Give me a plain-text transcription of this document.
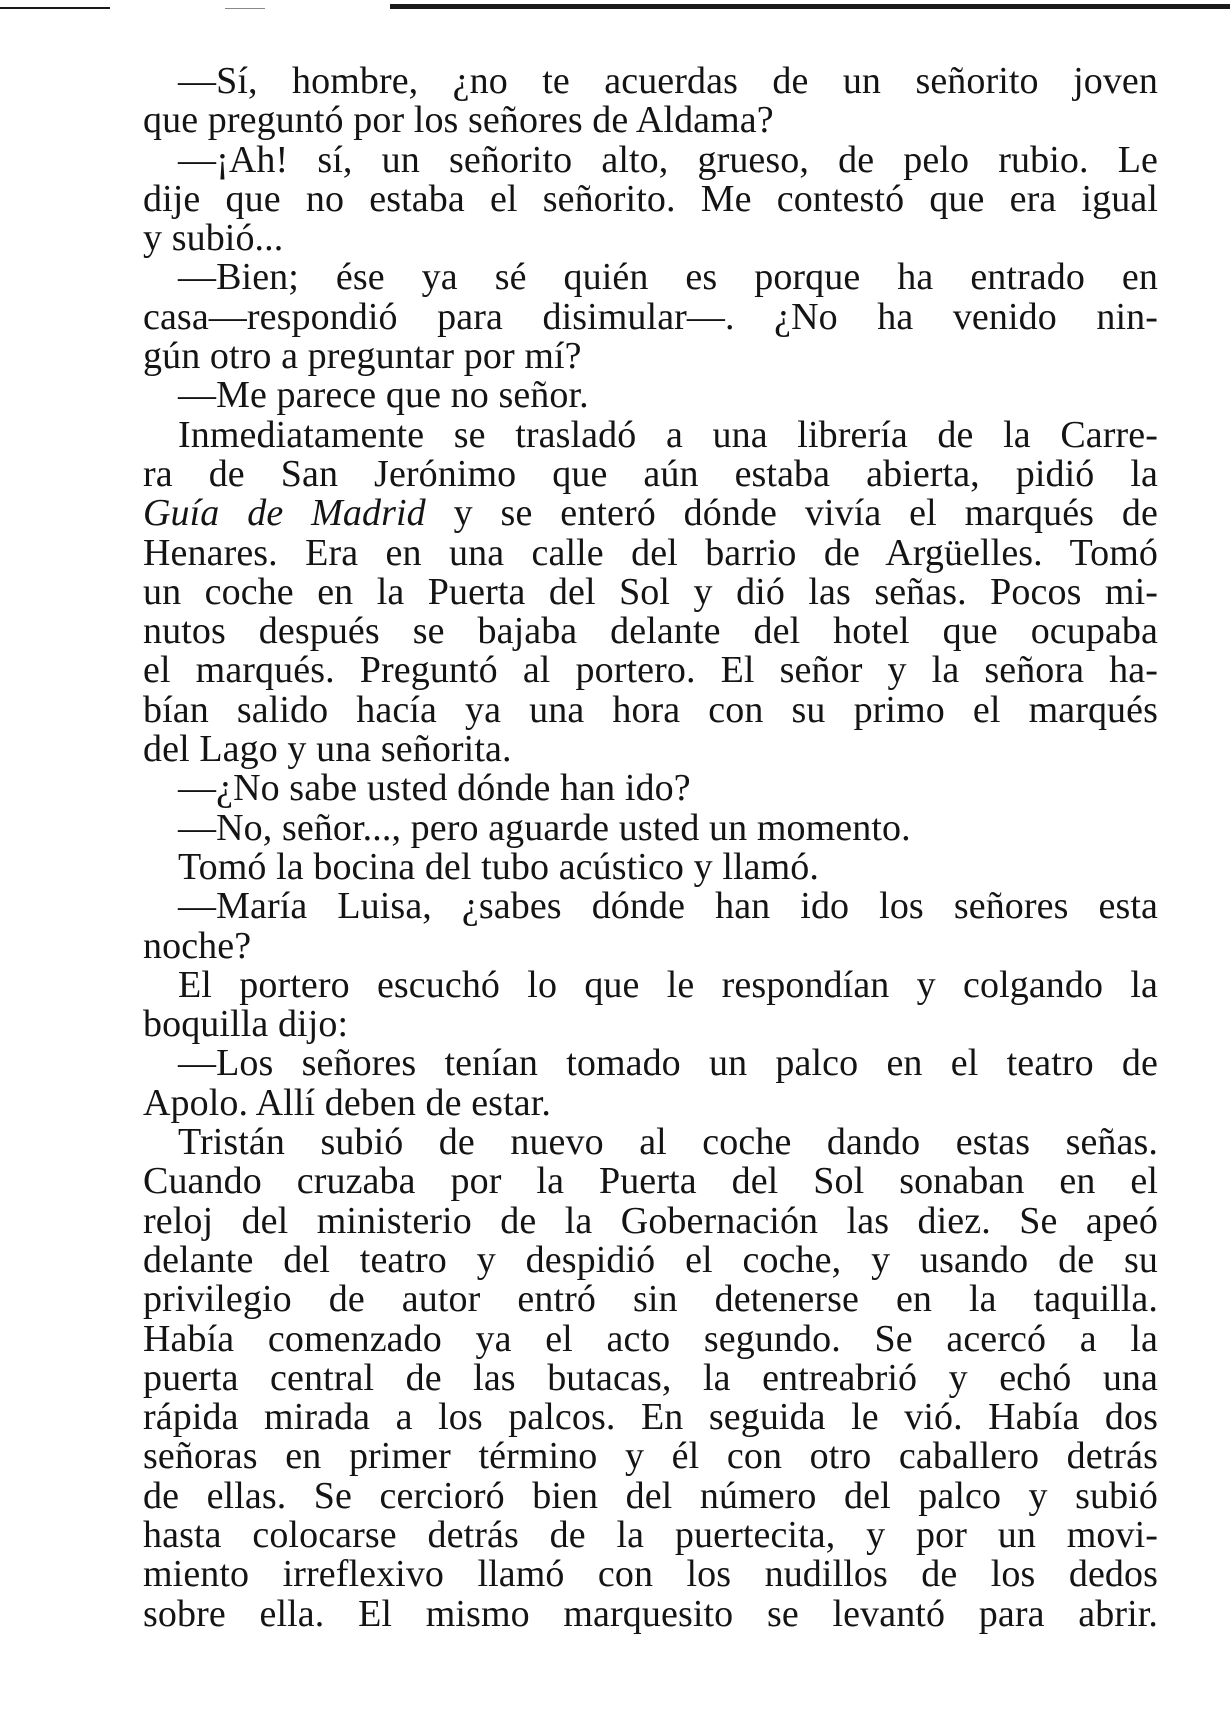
—Sí, hombre, ¿no te acuerdas de un señorito joven
que preguntó por los señores de Aldama?
—¡Ah! sí, un señorito alto, grueso, de pelo rubio. Le
dije que no estaba el señorito. Me contestó que era igual
y subió...
—Bien; ése ya sé quién es porque ha entrado en
casa—respondió para disimular—. ¿No ha venido nin-
gún otro a preguntar por mí?
—Me parece que no señor.
Inmediatamente se trasladó a una librería de la Carre-
ra de San Jerónimo que aún estaba abierta, pidió la
Guía de Madrid y se enteró dónde vivía el marqués de
Henares. Era en una calle del barrio de Argüelles. Tomó
un coche en la Puerta del Sol y dió las señas. Pocos mi-
nutos después se bajaba delante del hotel que ocupaba
el marqués. Preguntó al portero. El señor y la señora ha-
bían salido hacía ya una hora con su primo el marqués
del Lago y una señorita.
—¿No sabe usted dónde han ido?
—No, señor..., pero aguarde usted un momento.
Tomó la bocina del tubo acústico y llamó.
—María Luisa, ¿sabes dónde han ido los señores esta
noche?
El portero escuchó lo que le respondían y colgando la
boquilla dijo:
—Los señores tenían tomado un palco en el teatro de
Apolo. Allí deben de estar.
Tristán subió de nuevo al coche dando estas señas.
Cuando cruzaba por la Puerta del Sol sonaban en el
reloj del ministerio de la Gobernación las diez. Se apeó
delante del teatro y despidió el coche, y usando de su
privilegio de autor entró sin detenerse en la taquilla.
Había comenzado ya el acto segundo. Se acercó a la
puerta central de las butacas, la entreabrió y echó una
rápida mirada a los palcos. En seguida le vió. Había dos
señoras en primer término y él con otro caballero detrás
de ellas. Se cercioró bien del número del palco y subió
hasta colocarse detrás de la puertecita, y por un movi-
miento irreflexivo llamó con los nudillos de los dedos
sobre ella. El mismo marquesito se levantó para abrir.
